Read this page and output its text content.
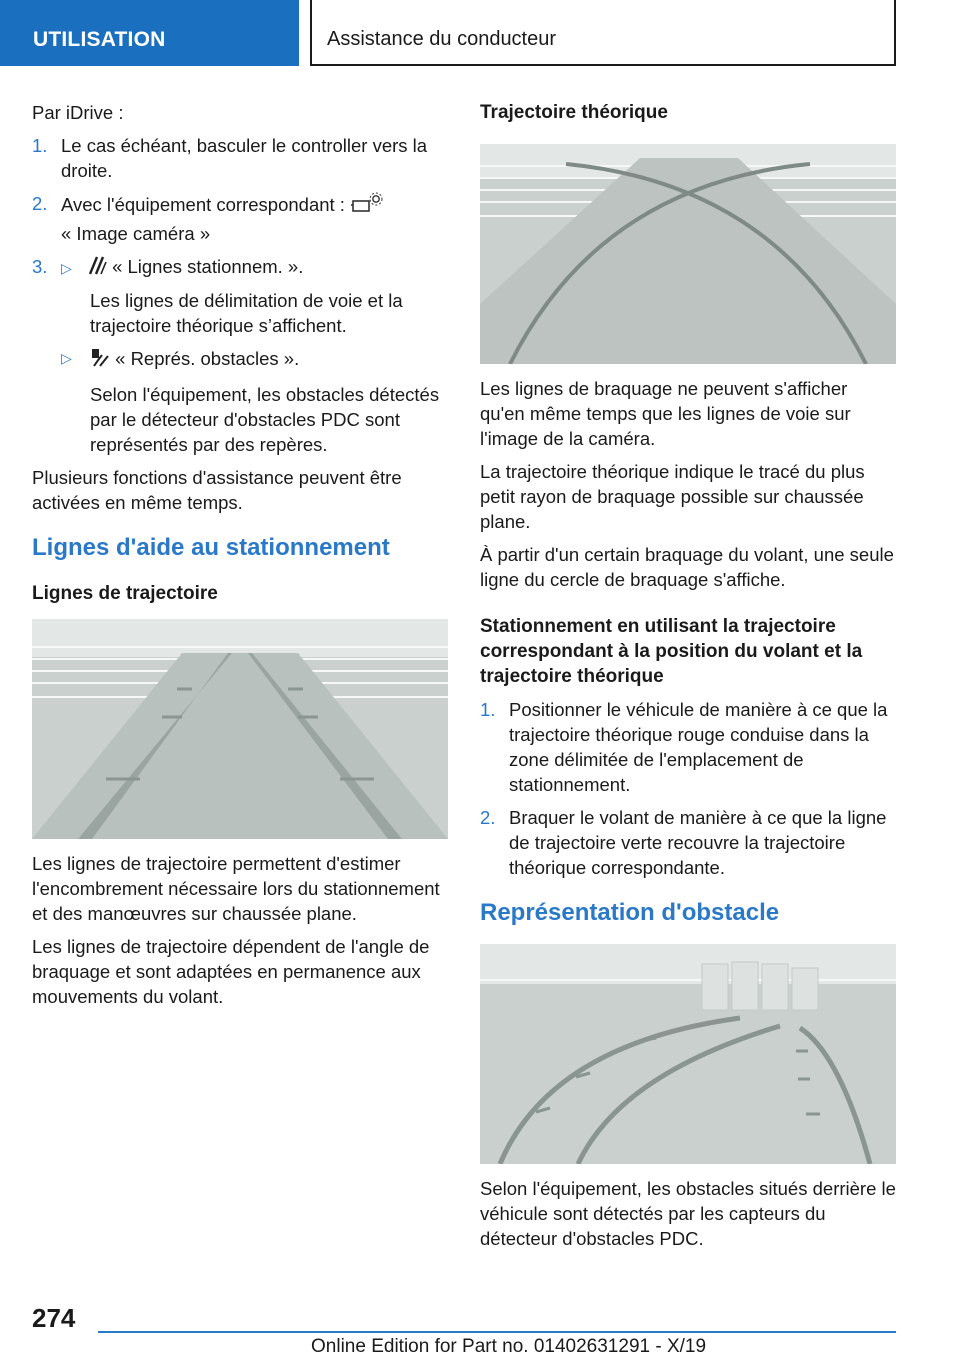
UTILISATION	Assistance du conducteur

Par iDrive :

1. Le cas échéant, basculer le controller vers la droite.
2. Avec l'équipement correspondant :
« Image caméra »
3. ▷ « Lignes stationnem. ».

Les lignes de délimitation de voie et la trajectoire théorique s’affichent.

▷ « Représ. obstacles ».

Selon l'équipement, les obstacles détectés par le détecteur d'obstacles PDC sont représentés par des repères.

Plusieurs fonctions d'assistance peuvent être activées en même temps.

Lignes d'aide au stationnement
Lignes de trajectoire

Les lignes de trajectoire permettent d'estimer l'encombrement nécessaire lors du stationnement et des manœuvres sur chaussée plane.

Les lignes de trajectoire dépendent de l'angle de braquage et sont adaptées en permanence aux mouvements du volant.

Trajectoire théorique

Les lignes de braquage ne peuvent s'afficher qu'en même temps que les lignes de voie sur l'image de la caméra.

La trajectoire théorique indique le tracé du plus petit rayon de braquage possible sur chaussée plane.

À partir d'un certain braquage du volant, une seule ligne du cercle de braquage s'affiche.

Stationnement en utilisant la trajectoire correspondant à la position du volant et la trajectoire théorique
1. Positionner le véhicule de manière à ce que la trajectoire théorique rouge conduise dans la zone délimitée de l'emplacement de stationnement.
2. Braquer le volant de manière à ce que la ligne de trajectoire verte recouvre la trajectoire théorique correspondante.
Représentation d'obstacle

Selon l'équipement, les obstacles situés derrière le véhicule sont détectés par les capteurs du détecteur d'obstacles PDC.

274
Online Edition for Part no. 01402631291 - X/19
